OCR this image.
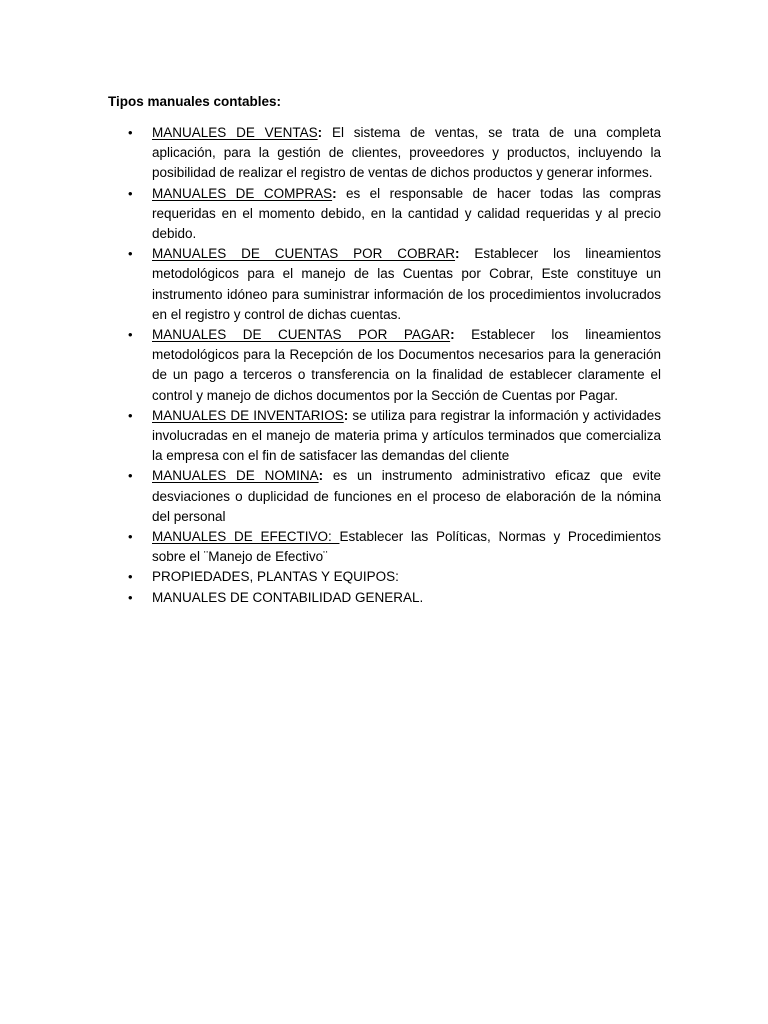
Tipos manuales contables:

• MANUALES DE VENTAS: El sistema de ventas, se trata de una completa aplicación, para la gestión de clientes, proveedores y productos, incluyendo la posibilidad de realizar el registro de ventas de dichos productos y generar informes.
• MANUALES DE COMPRAS: es el responsable de hacer todas las compras requeridas en el momento debido, en la cantidad y calidad requeridas y al precio debido.
• MANUALES DE CUENTAS POR COBRAR: Establecer los lineamientos metodológicos para el manejo de las Cuentas por Cobrar, Este constituye un instrumento idóneo para suministrar información de los procedimientos involucrados en el registro y control de dichas cuentas.
• MANUALES DE CUENTAS POR PAGAR: Establecer los lineamientos metodológicos para la Recepción de los Documentos necesarios para la generación de un pago a terceros o transferencia on la finalidad de establecer claramente el control y manejo de dichos documentos por la Sección de Cuentas por Pagar.
• MANUALES DE INVENTARIOS: se utiliza para registrar la información y actividades involucradas en el manejo de materia prima y artículos terminados que comercializa la empresa con el fin de satisfacer las demandas del cliente
• MANUALES DE NOMINA: es un instrumento administrativo eficaz que evite desviaciones o duplicidad de funciones en el proceso de elaboración de la nómina del personal
• MANUALES DE EFECTIVO: Establecer las Políticas, Normas y Procedimientos sobre el ¨Manejo de Efectivo¨
• PROPIEDADES, PLANTAS Y EQUIPOS:
• MANUALES DE CONTABILIDAD GENERAL.
